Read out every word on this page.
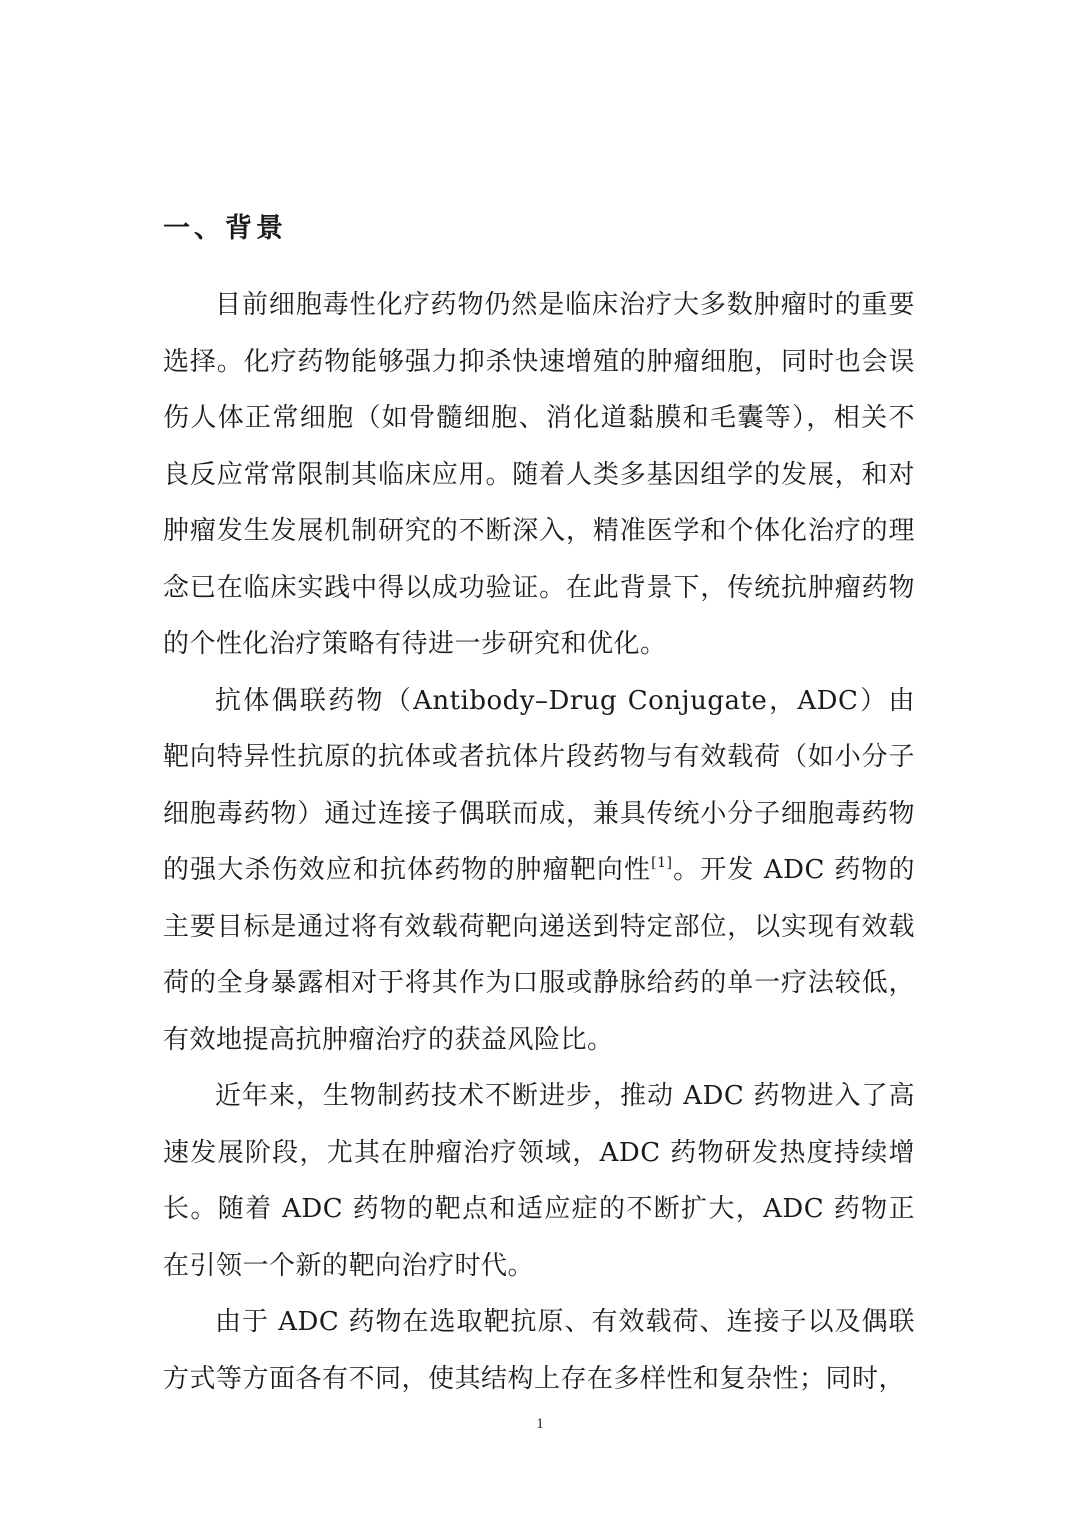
一、背景

目前细胞毒性化疗药物仍然是临床治疗大多数肿瘤时的重要选择。化疗药物能够强力抑杀快速增殖的肿瘤细胞，同时也会误伤人体正常细胞（如骨髓细胞、消化道黏膜和毛囊等），相关不良反应常常限制其临床应用。随着人类多基因组学的发展，和对肿瘤发生发展机制研究的不断深入，精准医学和个体化治疗的理念已在临床实践中得以成功验证。在此背景下，传统抗肿瘤药物的个性化治疗策略有待进一步研究和优化。

抗体偶联药物（Antibody–Drug Conjugate，ADC）由靶向特异性抗原的抗体或者抗体片段药物与有效载荷（如小分子细胞毒药物）通过连接子偶联而成，兼具传统小分子细胞毒药物的强大杀伤效应和抗体药物的肿瘤靶向性[1]。开发 ADC 药物的主要目标是通过将有效载荷靶向递送到特定部位，以实现有效载荷的全身暴露相对于将其作为口服或静脉给药的单一疗法较低，有效地提高抗肿瘤治疗的获益风险比。

近年来，生物制药技术不断进步，推动 ADC 药物进入了高速发展阶段，尤其在肿瘤治疗领域，ADC 药物研发热度持续增长。随着 ADC 药物的靶点和适应症的不断扩大，ADC 药物正在引领一个新的靶向治疗时代。

由于 ADC 药物在选取靶抗原、有效载荷、连接子以及偶联方式等方面各有不同，使其结构上存在多样性和复杂性；同时，

1
